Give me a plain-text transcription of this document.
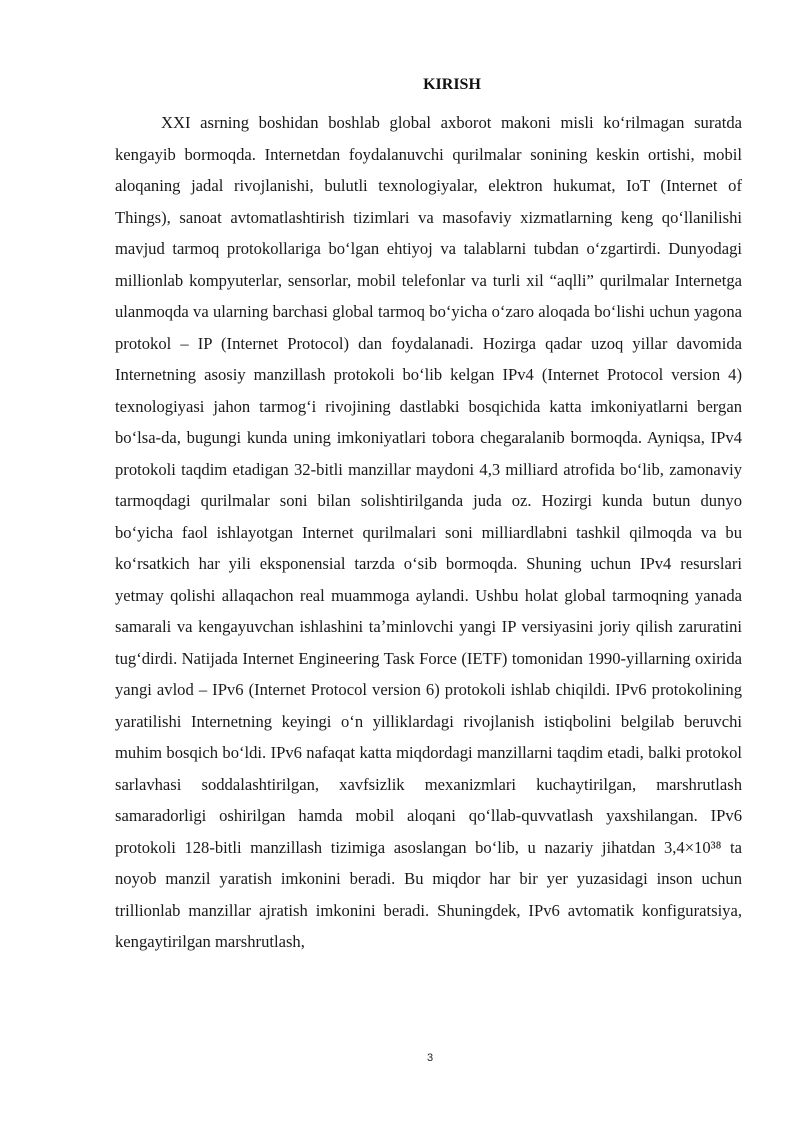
KIRISH

XXI asrning boshidan boshlab global axborot makoni misli koʻrilmagan suratda kengayib bormoqda. Internetdan foydalanuvchi qurilmalar sonining keskin ortishi, mobil aloqaning jadal rivojlanishi, bulutli texnologiyalar, elektron hukumat, IoT (Internet of Things), sanoat avtomatlashtirish tizimlari va masofaviy xizmatlarning keng qoʻllanilishi mavjud tarmoq protokollariga boʻlgan ehtiyoj va talablarni tubdan oʻzgartirdi. Dunyodagi millionlab kompyuterlar, sensorlar, mobil telefonlar va turli xil “aqlli” qurilmalar Internetga ulanmoqda va ularning barchasi global tarmoq boʻyicha oʻzaro aloqada boʻlishi uchun yagona protokol – IP (Internet Protocol) dan foydalanadi. Hozirga qadar uzoq yillar davomida Internetning asosiy manzillash protokoli boʻlib kelgan IPv4 (Internet Protocol version 4) texnologiyasi jahon tarmogʻi rivojining dastlabki bosqichida katta imkoniyatlarni bergan boʻlsa-da, bugungi kunda uning imkoniyatlari tobora chegaralanib bormoqda. Ayniqsa, IPv4 protokoli taqdim etadigan 32-bitli manzillar maydoni 4,3 milliard atrofida boʻlib, zamonaviy tarmoqdagi qurilmalar soni bilan solishtirilganda juda oz. Hozirgi kunda butun dunyo boʻyicha faol ishlayotgan Internet qurilmalari soni milliardlabni tashkil qilmoqda va bu koʻrsatkich har yili eksponensial tarzda oʻsib bormoqda. Shuning uchun IPv4 resurslari yetmay qolishi allaqachon real muammoga aylandi. Ushbu holat global tarmoqning yanada samarali va kengayuvchan ishlashini taʼminlovchi yangi IP versiyasini joriy qilish zaruratini tugʻdirdi. Natijada Internet Engineering Task Force (IETF) tomonidan 1990-yillarning oxirida yangi avlod – IPv6 (Internet Protocol version 6) protokoli ishlab chiqildi. IPv6 protokolining yaratilishi Internetning keyingi oʻn yilliklardagi rivojlanish istiqbolini belgilab beruvchi muhim bosqich boʻldi. IPv6 nafaqat katta miqdordagi manzillarni taqdim etadi, balki protokol sarlavhasi soddalashtirilgan, xavfsizlik mexanizmlari kuchaytirilgan, marshrutlash samaradorligi oshirilgan hamda mobil aloqani qoʻllab-quvvatlash yaxshilangan. IPv6 protokoli 128-bitli manzillash tizimiga asoslangan boʻlib, u nazariy jihatdan 3,4×10³⁸ ta noyob manzil yaratish imkonini beradi. Bu miqdor har bir yer yuzasidagi inson uchun trillionlab manzillar ajratish imkonini beradi. Shuningdek, IPv6 avtomatik konfiguratsiya, kengaytirilgan marshrutlash,

3
